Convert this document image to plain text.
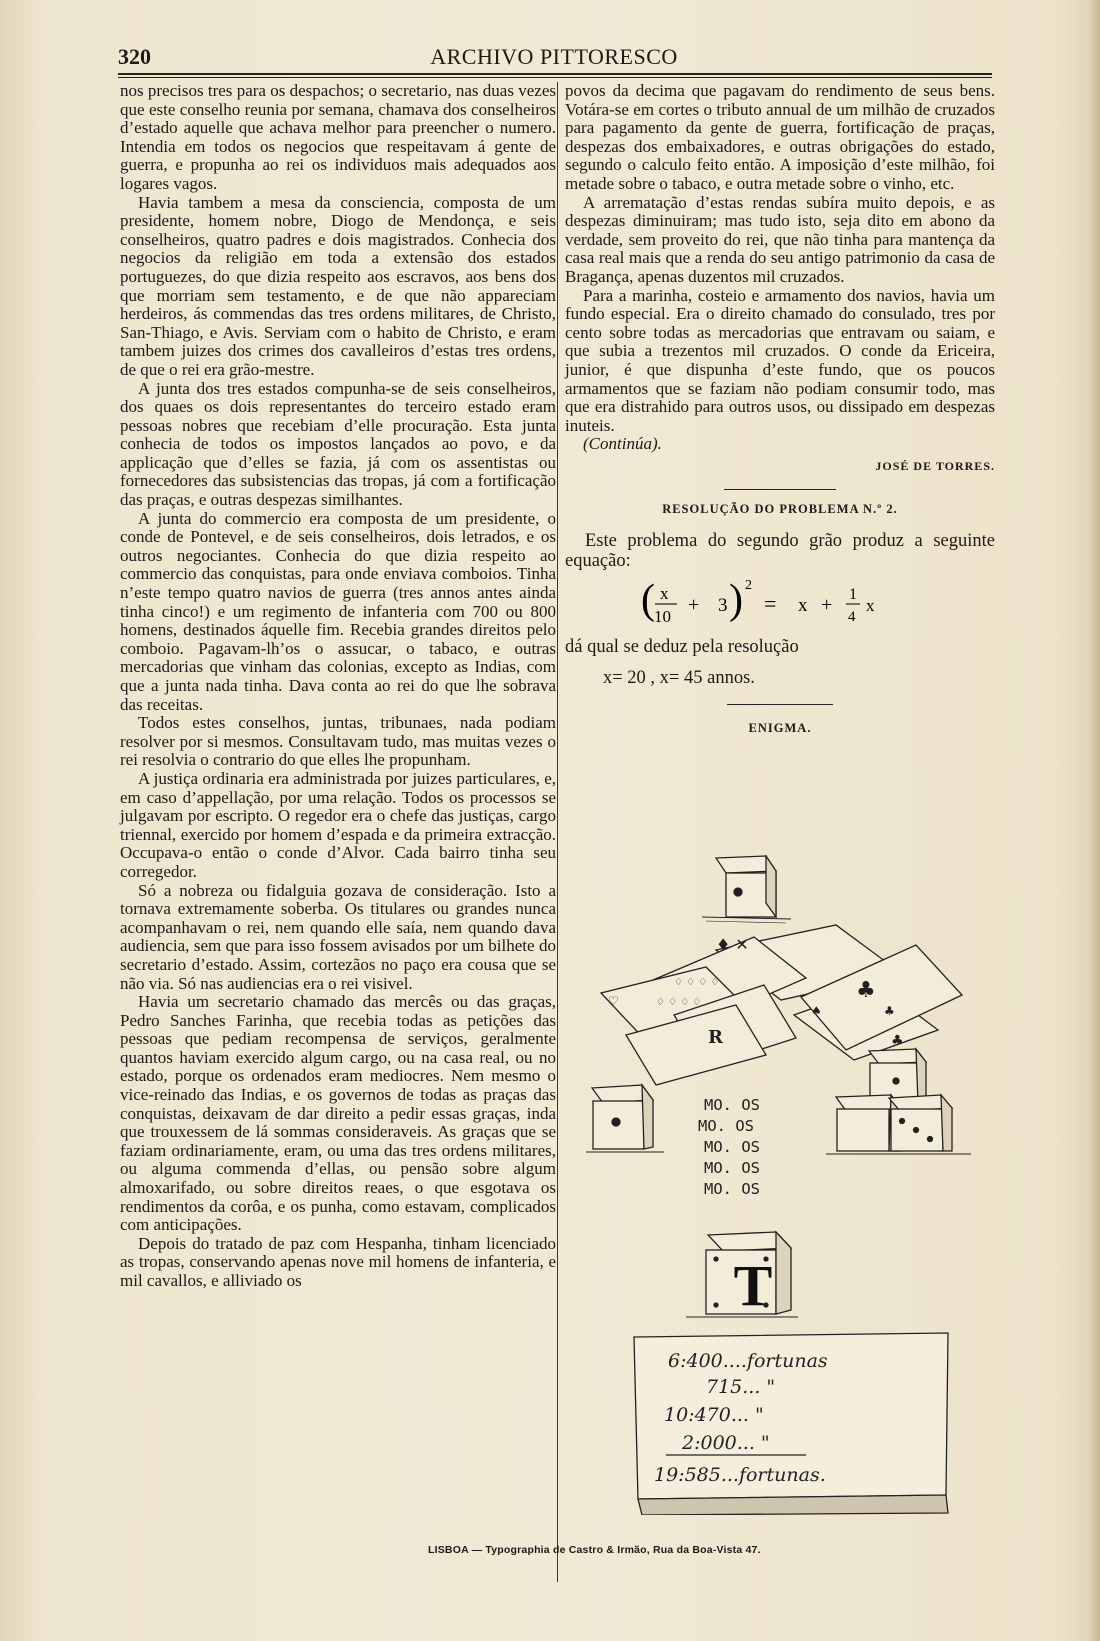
320	ARCHIVO PITTORESCO

nos precisos tres para os despachos; o secretario, nas duas vezes que este conselho reunia por semana, chamava dos conselheiros d’estado aquelle que achava melhor para preencher o numero. Intendia em todos os negocios que respeitavam á gente de guerra, e propunha ao rei os individuos mais adequados aos logares vagos.

Havia tambem a mesa da consciencia, composta de um presidente, homem nobre, Diogo de Mendonça, e seis conselheiros, quatro padres e dois magistrados. Conhecia dos negocios da religião em toda a extensão dos estados portuguezes, do que dizia respeito aos escravos, aos bens dos que morriam sem testamento, e de que não appareciam herdeiros, ás commendas das tres ordens militares, de Christo, San-Thiago, e Avis. Serviam com o habito de Christo, e eram tambem juizes dos crimes dos cavalleiros d’estas tres ordens, de que o rei era grão-mestre.

A junta dos tres estados compunha-se de seis conselheiros, dos quaes os dois representantes do terceiro estado eram pessoas nobres que recebiam d’elle procuração. Esta junta conhecia de todos os impostos lançados ao povo, e da applicação que d’elles se fazia, já com os assentistas ou fornecedores das subsistencias das tropas, já com a fortificação das praças, e outras despezas similhantes.

A junta do commercio era composta de um presidente, o conde de Pontevel, e de seis conselheiros, dois letrados, e os outros negociantes. Conhecia do que dizia respeito ao commercio das conquistas, para onde enviava comboios. Tinha n’este tempo quatro navios de guerra (tres annos antes ainda tinha cinco!) e um regimento de infanteria com 700 ou 800 homens, destinados áquelle fim. Recebia grandes direitos pelo comboio. Pagavam-lh’os o assucar, o tabaco, e outras mercadorias que vinham das colonias, excepto as Indias, com que a junta nada tinha. Dava conta ao rei do que lhe sobrava das receitas.

Todos estes conselhos, juntas, tribunaes, nada podiam resolver por si mesmos. Consultavam tudo, mas muitas vezes o rei resolvia o contrario do que elles lhe propunham.

A justiça ordinaria era administrada por juizes particulares, e, em caso d’appellação, por uma relação. Todos os processos se julgavam por escripto. O regedor era o chefe das justiças, cargo triennal, exercido por homem d’espada e da primeira extracção. Occupava-o então o conde d’Alvor. Cada bairro tinha seu corregedor.

Só a nobreza ou fidalguia gozava de consideração. Isto a tornava extremamente soberba. Os titulares ou grandes nunca acompanhavam o rei, nem quando elle saía, nem quando dava audiencia, sem que para isso fossem avisados por um bilhete do secretario d’estado. Assim, cortezãos no paço era cousa que se não via. Só nas audiencias era o rei visivel.

Havia um secretario chamado das mercês ou das graças, Pedro Sanches Farinha, que recebia todas as petições das pessoas que pediam recompensa de serviços, geralmente quantos haviam exercido algum cargo, ou na casa real, ou no estado, porque os ordenados eram mediocres. Nem mesmo o vice-reinado das Indias, e os governos de todas as praças das conquistas, deixavam de dar direito a pedir essas graças, inda que trouxessem de lá sommas consideraveis. As graças que se faziam ordinariamente, eram, ou uma das tres ordens militares, ou alguma commenda d’ellas, ou pensão sobre algum almoxarifado, ou sobre direitos reaes, o que esgotava os rendimentos da corôa, e os punha, como estavam, complicados com anticipações.

Depois do tratado de paz com Hespanha, tinham licenciado as tropas, conservando apenas nove mil homens de infanteria, e mil cavallos, e alliviado os

povos da decima que pagavam do rendimento de seus bens. Votára-se em cortes o tributo annual de um milhão de cruzados para pagamento da gente de guerra, fortificação de praças, despezas dos embaixadores, e outras obrigações do estado, segundo o calculo feito então. A imposição d’este milhão, foi metade sobre o tabaco, e outra metade sobre o vinho, etc.

A arrematação d’estas rendas subíra muito depois, e as despezas diminuiram; mas tudo isto, seja dito em abono da verdade, sem proveito do rei, que não tinha para mantença da casa real mais que a renda do seu antigo patrimonio da casa de Bragança, apenas duzentos mil cruzados.

Para a marinha, costeio e armamento dos navios, havia um fundo especial. Era o direito chamado do consulado, tres por cento sobre todas as mercadorias que entravam ou saiam, e que subia a trezentos mil cruzados. O conde da Ericeira, junior, é que dispunha d’este fundo, que os poucos armamentos que se faziam não podiam consumir todo, mas que era distrahido para outros usos, ou dissipado em despezas inuteis.

(Continúa).

JOSÉ DE TORRES.
RESOLUÇÃO DO PROBLEMA N.º 2.

Este problema do segundo grão produz a seguinte equação:

( x
10
+ 3 ) 2
= x + 1
4
x

dá qual se deduz pela resolução

x= 20 , x= 45 annos.
ENIGMA.
♦ ✕
♢ ♢ ♢ ♢
♢ ♢ ♢ ♢
R
♡	♣
♣
♣
♠
T
MO. OS
MO. OS
MO. OS
MO. OS
MO. OS
6:400....fortunas
715... "
10:470... "
2:000... "
19:585...fortunas.
LISBOA — Typographia de Castro & Irmão, Rua da Boa-Vista 47.
